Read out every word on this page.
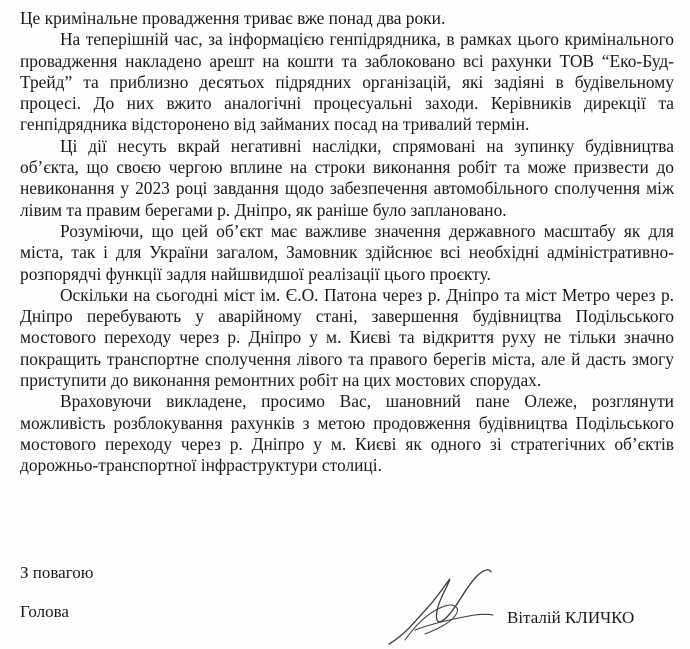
Це кримінальне провадження триває вже понад два роки.

На теперішній час, за інформацією генпідрядника, в рамках цього кримінального провадження накладено арешт на кошти та заблоковано всі рахунки ТОВ “Еко-Буд-Трейд” та приблизно десятьох підрядних організацій, які задіяні в будівельному процесі. До них вжито аналогічні процесуальні заходи. Керівників дирекції та генпідрядника відсторонено від займаних посад на тривалий термін.

Ці дії несуть вкрай негативні наслідки, спрямовані на зупинку будівництва об’єкта, що своєю чергою вплине на строки виконання робіт та може призвести до невиконання у 2023 році завдання щодо забезпечення автомобільного сполучення між лівим та правим берегами р. Дніпро, як раніше було заплановано.

Розуміючи, що цей об’єкт має важливе значення державного масштабу як для міста, так і для України загалом, Замовник здійснює всі необхідні адміністративно-розпорядчі функції задля найшвидшої реалізації цього проєкту.

Оскільки на сьогодні міст ім. Є.О. Патона через р. Дніпро та міст Метро через р. Дніпро перебувають у аварійному стані, завершення будівництва Подільського мостового переходу через р. Дніпро у м. Києві та відкриття руху не тільки значно покращить транспортне сполучення лівого та правого берегів міста, але й дасть змогу приступити до виконання ремонтних робіт на цих мостових спорудах.

Враховуючи викладене, просимо Вас, шановний пане Олеже, розглянути можливість розблокування рахунків з метою продовження будівництва Подільського мостового переходу через р. Дніпро у м. Києві як одного зі стратегічних об’єктів дорожньо-транспортної інфраструктури столиці.

З повагою
Голова	Віталій КЛИЧКО
